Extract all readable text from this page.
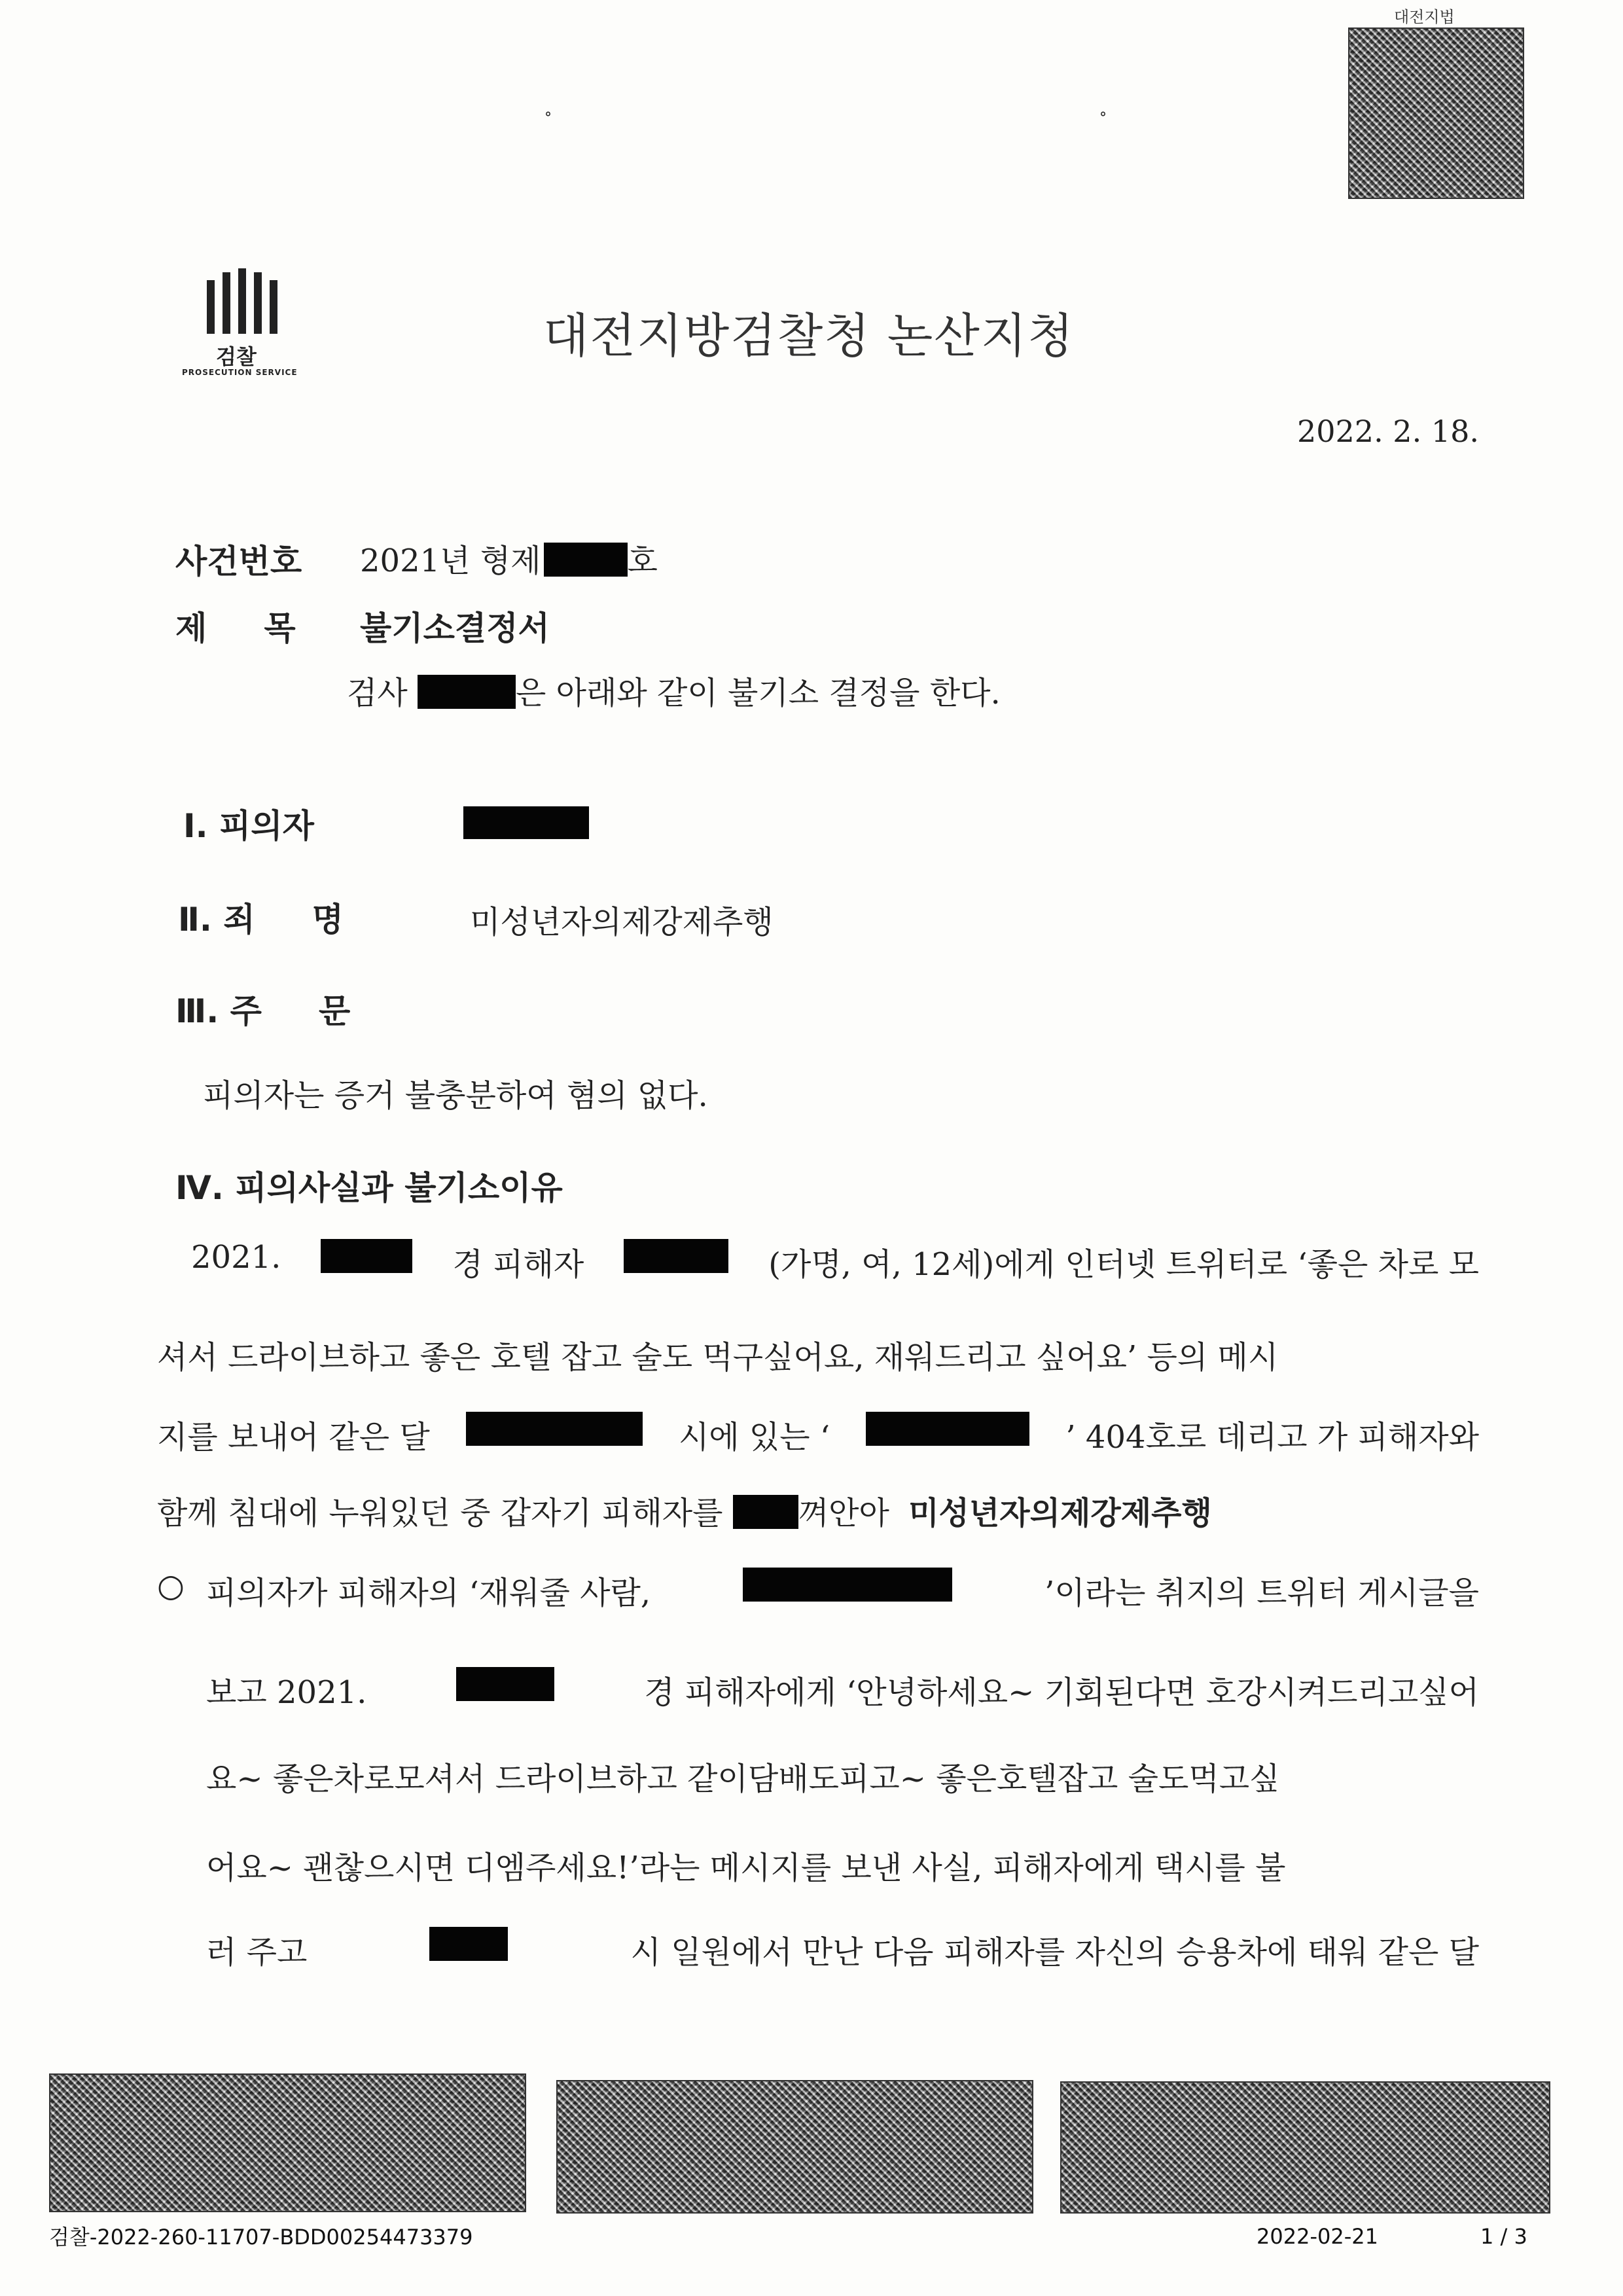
°	°
대전지법
검찰
PROSECUTION SERVICE
대전지방검찰청 논산지청
2022. 2. 18.
사건번호 2021년 형제	호
제     목 불기소결정서
검사	은 아래와 같이 불기소 결정을 한다.
Ⅰ. 피의자
Ⅱ. 죄     명	미성년자의제강제추행
Ⅲ. 주     문
피의자는 증거 불충분하여 혐의 없다.
Ⅳ. 피의사실과 불기소이유
2021.	경 피해자	(가명, 여, 12세)에게 인터넷 트위터로 ‘좋은 차로 모
셔서 드라이브하고 좋은 호텔 잡고 술도 먹구싶어요, 재워드리고 싶어요’ 등의 메시
지를 보내어 같은 달	시에 있는 ‘	’ 404호로 데리고 가 피해자와
함께 침대에 누워있던 중 갑자기 피해자를 껴안아 미성년자의제강제추행
○ 피의자가 피해자의 ‘재워줄 사람,	’이라는 취지의 트위터 게시글을
보고 2021.	경 피해자에게 ‘안녕하세요~ 기회된다면 호강시켜드리고싶어
요~ 좋은차로모셔서 드라이브하고 같이담배도피고~ 좋은호텔잡고 술도먹고싶
어요~ 괜찮으시면 디엠주세요!’라는 메시지를 보낸 사실, 피해자에게 택시를 불
러 주고	시 일원에서 만난 다음 피해자를 자신의 승용차에 태워 같은 달
검찰-2022-260-11707-BDD00254473379	2022-02-21	1 / 3
